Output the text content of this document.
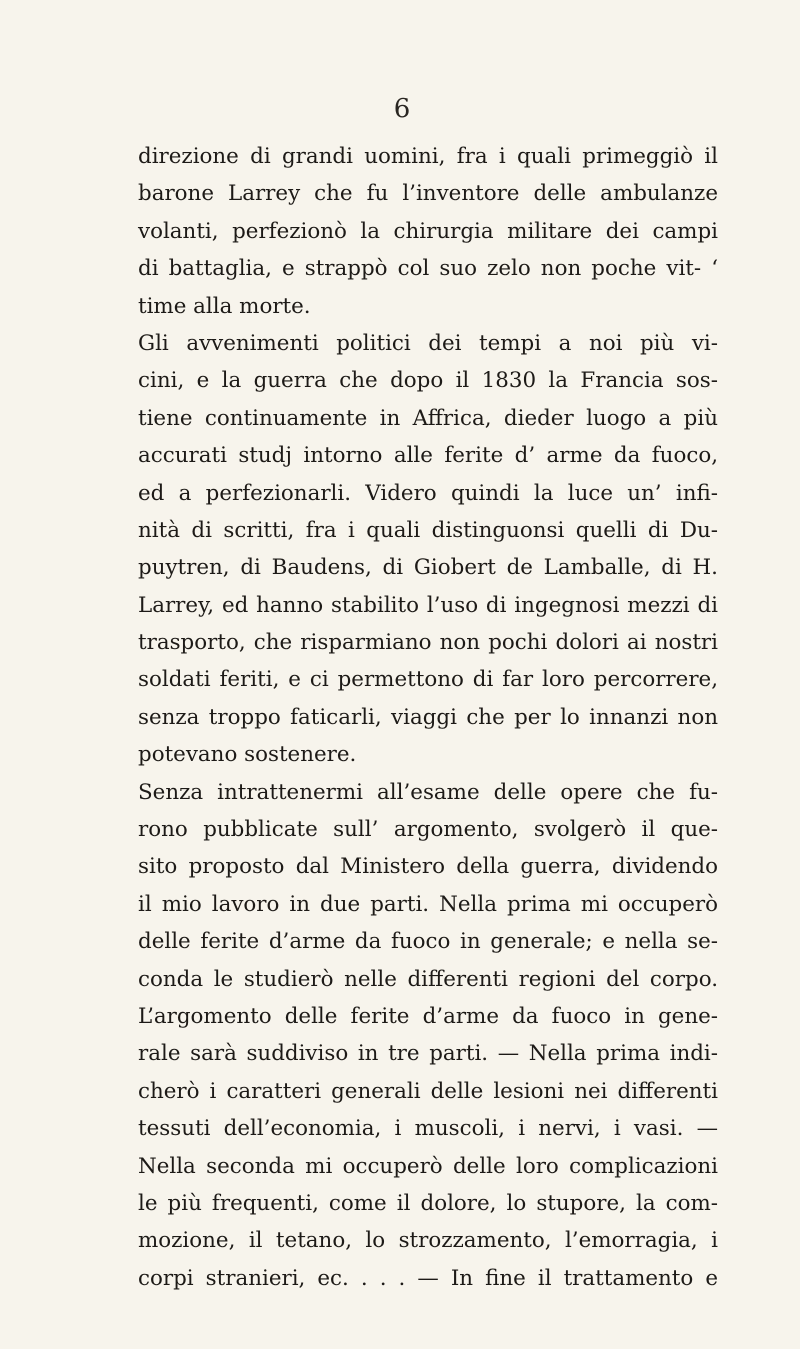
6
direzione di grandi uomini, fra i quali primeggiò il
barone Larrey che fu l’inventore delle ambulanze
volanti, perfezionò la chirurgia militare dei campi
di battaglia, e strappò col suo zelo non poche vit- ‘
time alla morte.
Gli avvenimenti politici dei tempi a noi più vi-
cini, e la guerra che dopo il 1830 la Francia sos-
tiene continuamente in Affrica, dieder luogo a più
accurati studj intorno alle ferite d’ arme da fuoco,
ed a perfezionarli. Videro quindi la luce un’ infi-
nità di scritti, fra i quali distinguonsi quelli di Du-
puytren, di Baudens, di Giobert de Lamballe, di H.
Larrey, ed hanno stabilito l’uso di ingegnosi mezzi di
trasporto, che risparmiano non pochi dolori ai nostri
soldati feriti, e ci permettono di far loro percorrere,
senza troppo faticarli, viaggi che per lo innanzi non
potevano sostenere.
Senza intrattenermi all’esame delle opere che fu-
rono pubblicate sull’ argomento, svolgerò il que-
sito proposto dal Ministero della guerra, dividendo
il mio lavoro in due parti. Nella prima mi occuperò
delle ferite d’arme da fuoco in generale; e nella se-
conda le studierò nelle differenti regioni del corpo.
L’argomento delle ferite d’arme da fuoco in gene-
rale sarà suddiviso in tre parti. — Nella prima indi-
cherò i caratteri generali delle lesioni nei differenti
tessuti dell’economia, i muscoli, i nervi, i vasi. —
Nella seconda mi occuperò delle loro complicazioni
le più frequenti, come il dolore, lo stupore, la com-
mozione, il tetano, lo strozzamento, l’emorragia, i
corpi stranieri, ec. . . . — In fine il trattamento e
